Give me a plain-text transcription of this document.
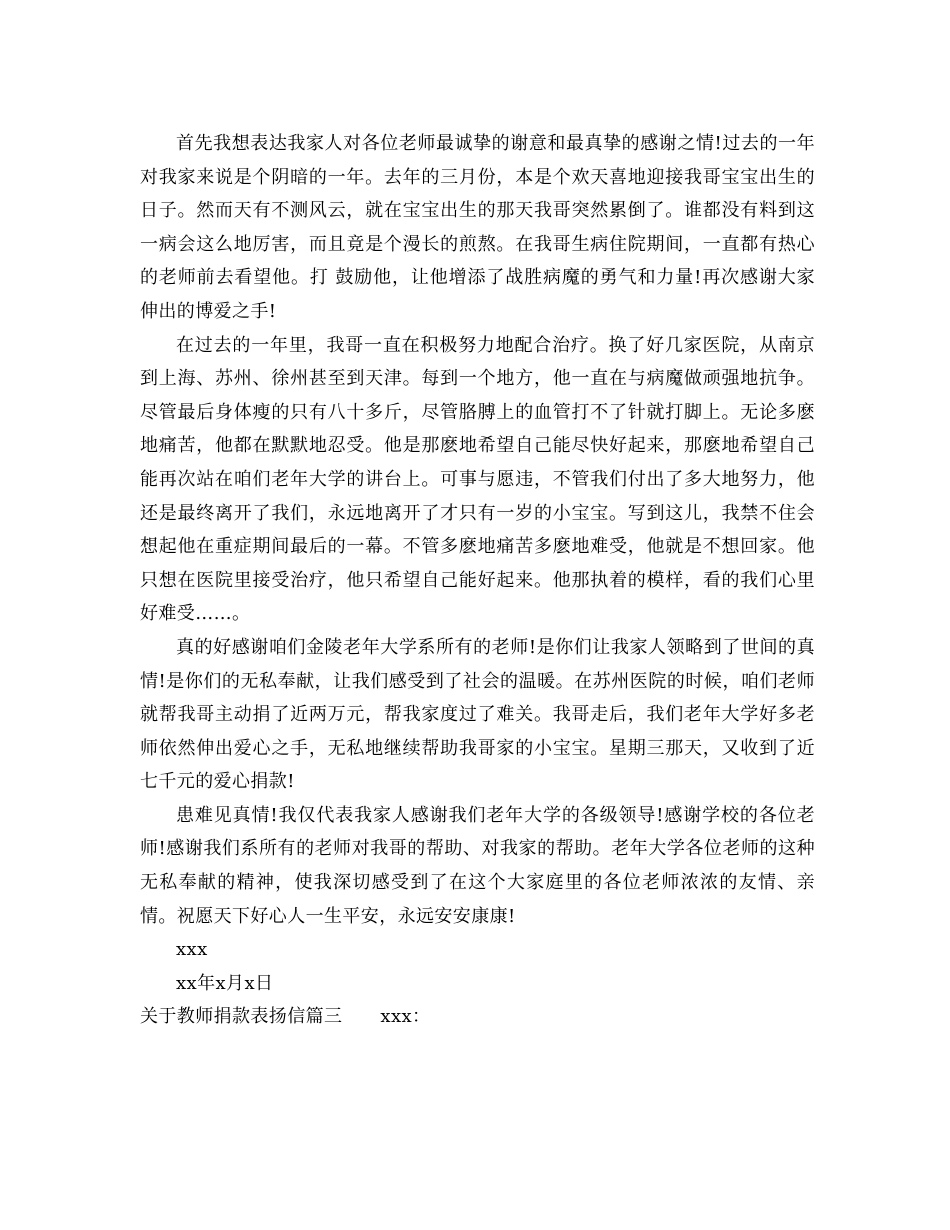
首先我想表达我家人对各位老师最诚挚的谢意和最真挚的感谢之情!过去的一年对我家来说是个阴暗的一年。去年的三月份，本是个欢天喜地迎接我哥宝宝出生的日子。然而天有不测风云，就在宝宝出生的那天我哥突然累倒了。谁都没有料到这一病会这么地厉害，而且竟是个漫长的煎熬。在我哥生病住院期间，一直都有热心的老师前去看望他。打 鼓励他，让他增添了战胜病魔的勇气和力量!再次感谢大家伸出的博爱之手!

在过去的一年里，我哥一直在积极努力地配合治疗。换了好几家医院，从南京到上海、苏州、徐州甚至到天津。每到一个地方，他一直在与病魔做顽强地抗争。尽管最后身体瘦的只有八十多斤，尽管胳膊上的血管打不了针就打脚上。无论多麽地痛苦，他都在默默地忍受。他是那麽地希望自己能尽快好起来，那麽地希望自己能再次站在咱们老年大学的讲台上。可事与愿违，不管我们付出了多大地努力，他还是最终离开了我们，永远地离开了才只有一岁的小宝宝。写到这儿，我禁不住会想起他在重症期间最后的一幕。不管多麽地痛苦多麽地难受，他就是不想回家。他只想在医院里接受治疗，他只希望自己能好起来。他那执着的模样，看的我们心里好难受……。

真的好感谢咱们金陵老年大学系所有的老师!是你们让我家人领略到了世间的真情!是你们的无私奉献，让我们感受到了社会的温暖。在苏州医院的时候，咱们老师就帮我哥主动捐了近两万元，帮我家度过了难关。我哥走后，我们老年大学好多老师依然伸出爱心之手，无私地继续帮助我哥家的小宝宝。星期三那天，又收到了近七千元的爱心捐款!

患难见真情!我仅代表我家人感谢我们老年大学的各级领导!感谢学校的各位老师!感谢我们系所有的老师对我哥的帮助、对我家的帮助。老年大学各位老师的这种无私奉献的精神，使我深切感受到了在这个大家庭里的各位老师浓浓的友情、亲情。祝愿天下好心人一生平安，永远安安康康!

xxx

xx年x月x日

关于教师捐款表扬信篇三 xxx：
